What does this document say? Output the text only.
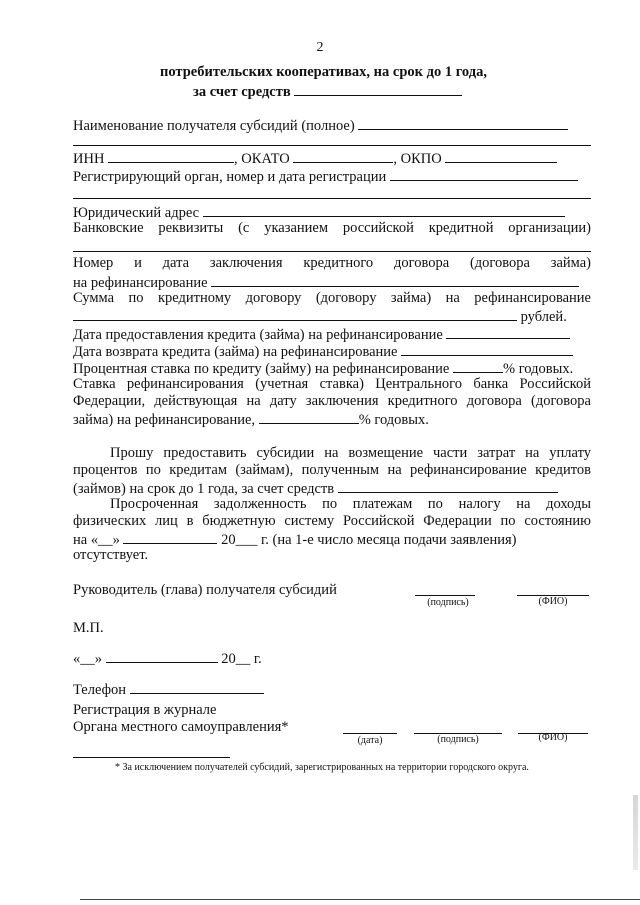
2
потребительских кооперативах, на срок до 1 года,
за счет средств
Наименование получателя субсидий (полное)
ИНН	, ОКАТО	, ОКПО
Регистрирующий орган, номер и дата регистрации
Юридический адрес
Банковские реквизиты (с указанием российской кредитной организации)
Номер и дата заключения кредитного договора (договора займа)
на рефинансирование
Сумма по кредитному договору (договору займа) на рефинансирование
рублей.
Дата предоставления кредита (займа) на рефинансирование
Дата возврата кредита (займа) на рефинансирование
Процентная ставка по кредиту (займу) на рефинансирование	% годовых.
Ставка рефинансирования (учетная ставка) Центрального банка Российской
Федерации, действующая на дату заключения кредитного договора (договора
займа) на рефинансирование,	% годовых.
Прошу предоставить субсидии на возмещение части затрат на уплату
процентов по кредитам (займам), полученным на рефинансирование кредитов
(займов) на срок до 1 года, за счет средств
Просроченная задолженность по платежам по налогу на доходы
физических лиц в бюджетную систему Российской Федерации по состоянию
на «__»	20___ г. (на 1-е число месяца подачи заявления)
отсутствует.
Руководитель (глава) получателя субсидий
(подпись)	(ФИО)
М.П.
«__»	20__ г.
Телефон
Регистрация в журнале
Органа местного самоуправления*
(дата)	(подпись)	(ФИО)
* За исключением получателей субсидий, зарегистрированных на территории городского округа.
